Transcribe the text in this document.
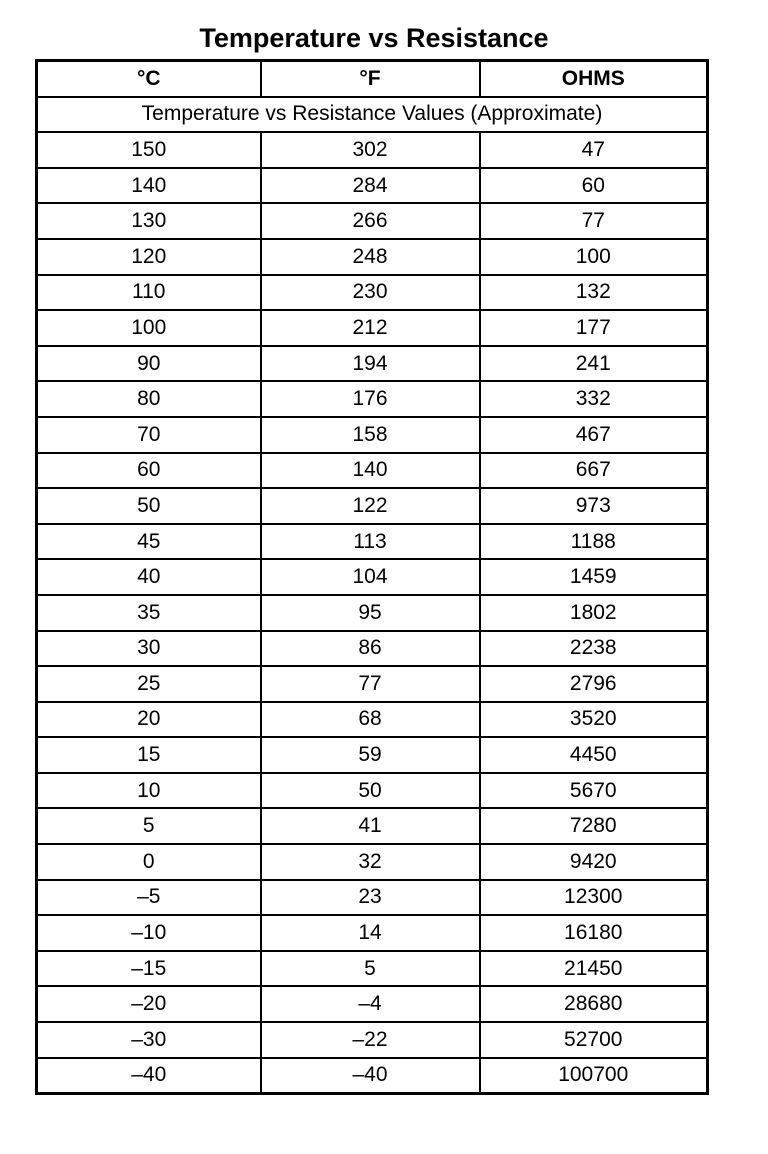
Temperature vs Resistance
°C	°F	OHMS
Temperature vs Resistance Values (Approximate)		
150	302	47
140	284	60
130	266	77
120	248	100
110	230	132
100	212	177
90	194	241
80	176	332
70	158	467
60	140	667
50	122	973
45	113	1188
40	104	1459
35	95	1802
30	86	2238
25	77	2796
20	68	3520
15	59	4450
10	50	5670
5	41	7280
0	32	9420
–5	23	12300
–10	14	16180
–15	5	21450
–20	–4	28680
–30	–22	52700
–40	–40	100700
